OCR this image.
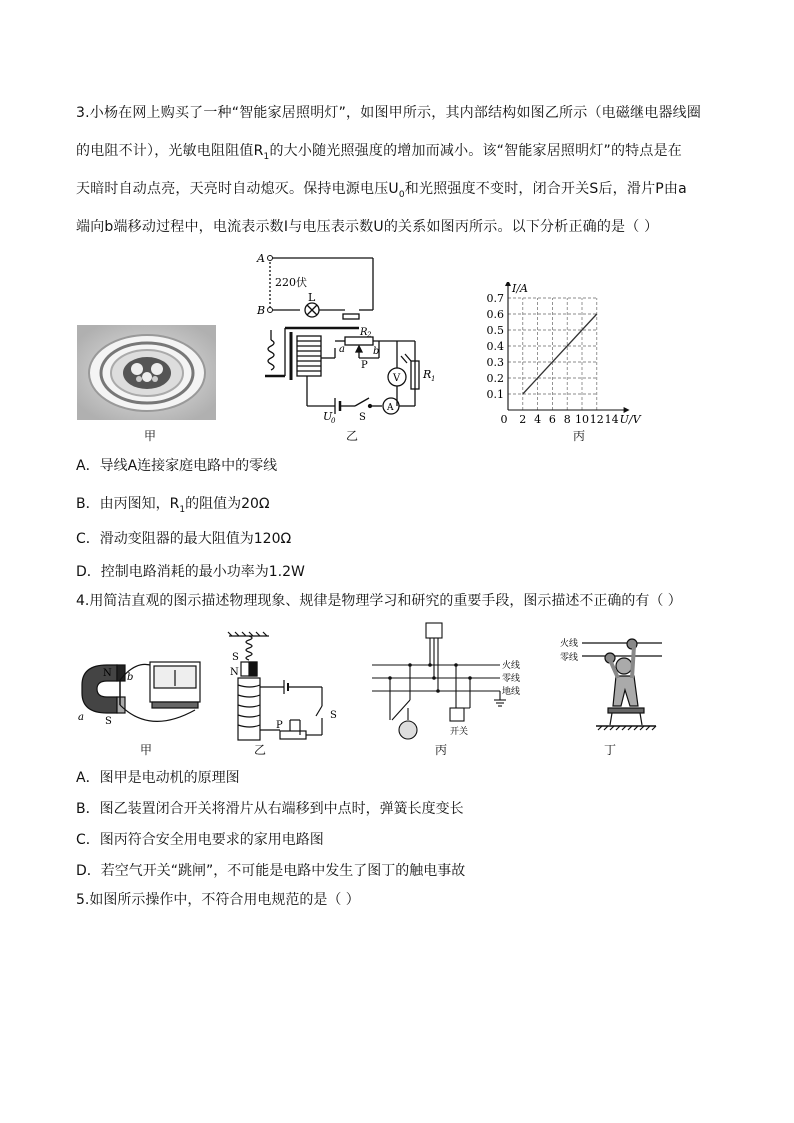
3.小杨在网上购买了一种“智能家居照明灯”，如图甲所示，其内部结构如图乙所示（电磁继电器线圈
的电阻不计），光敏电阻阻值$R_1$的大小随光照强度的增加而减小。该“智能家居照明灯”的特点是在
天暗时自动点亮，天亮时自动熄灭。保持电源电压$U_0$和光照强度不变时，闭合开关S后，滑片P由a
端向b端移动过程中，电流表示数I与电压表示数U的关系如图丙所示。以下分析正确的是（ ）
甲
A
B
220伏
L
R 2
a	b
P
V R 1
U
0 S
A
乙
0 2 4 6 8 10 12 14
0.1
0.2
0.3
0.4
0.5
0.6
0.7
I/A
U/V
丙
A．导线A连接家庭电路中的零线
B．由丙图知，$R_1$的阻值为20Ω
C．滑动变阻器的最大阻值为120Ω
D．控制电路消耗的最小功率为1.2W
4.用简洁直观的图示描述物理现象、规律是物理学习和研究的重要手段，图示描述不正确的有（ ）
N
S
b
a
甲
S
N
P
S
乙
火线
零线
地线
开关
丙
火线
零线
丁
A．图甲是电动机的原理图
B．图乙装置闭合开关将滑片从右端移到中点时，弹簧长度变长
C．图丙符合安全用电要求的家用电路图
D．若空气开关“跳闸”，不可能是电路中发生了图丁的触电事故
5.如图所示操作中，不符合用电规范的是（ ）
